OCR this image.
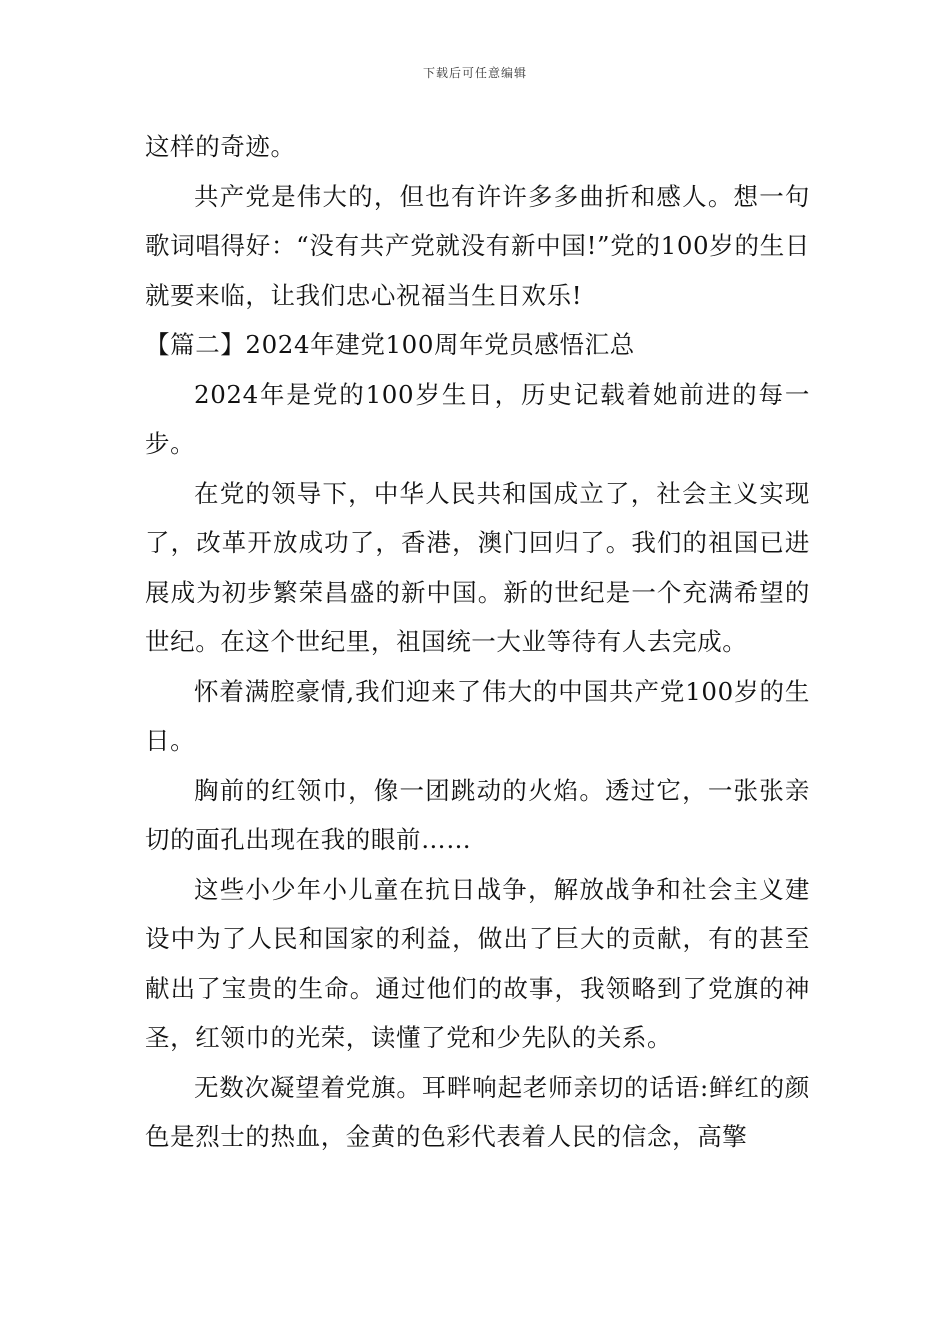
下载后可任意编辑

这样的奇迹。

共产党是伟大的，但也有许许多多曲折和感人。想一句歌词唱得好：“没有共产党就没有新中国!”党的100岁的生日就要来临，让我们忠心祝福当生日欢乐!

【篇二】2024年建党100周年党员感悟汇总

2024年是党的100岁生日，历史记载着她前进的每一步。

在党的领导下，中华人民共和国成立了，社会主义实现了，改革开放成功了，香港，澳门回归了。我们的祖国已进展成为初步繁荣昌盛的新中国。新的世纪是一个充满希望的世纪。在这个世纪里，祖国统一大业等待有人去完成。

怀着满腔豪情,我们迎来了伟大的中国共产党100岁的生日。

胸前的红领巾，像一团跳动的火焰。透过它，一张张亲切的面孔出现在我的眼前……

这些小少年小儿童在抗日战争，解放战争和社会主义建设中为了人民和国家的利益，做出了巨大的贡献，有的甚至献出了宝贵的生命。通过他们的故事，我领略到了党旗的神圣，红领巾的光荣，读懂了党和少先队的关系。

无数次凝望着党旗。耳畔响起老师亲切的话语:鲜红的颜色是烈士的热血，金黄的色彩代表着人民的信念，高擎
